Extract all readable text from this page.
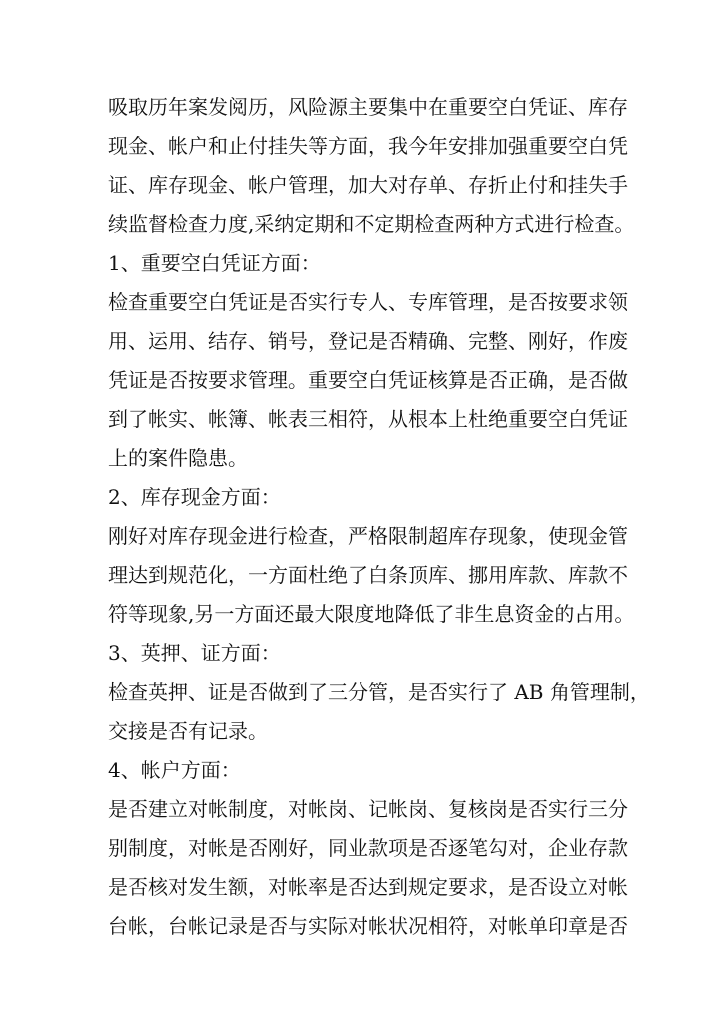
吸取历年案发阅历，风险源主要集中在重要空白凭证、库存
现金、帐户和止付挂失等方面，我今年安排加强重要空白凭
证、库存现金、帐户管理，加大对存单、存折止付和挂失手
续监督检查力度,采纳定期和不定期检查两种方式进行检查。
1、重要空白凭证方面：
检查重要空白凭证是否实行专人、专库管理，是否按要求领
用、运用、结存、销号，登记是否精确、完整、刚好，作废
凭证是否按要求管理。重要空白凭证核算是否正确，是否做
到了帐实、帐簿、帐表三相符，从根本上杜绝重要空白凭证
上的案件隐患。
2、库存现金方面：
刚好对库存现金进行检查，严格限制超库存现象，使现金管
理达到规范化，一方面杜绝了白条顶库、挪用库款、库款不
符等现象,另一方面还最大限度地降低了非生息资金的占用。
3、英押、证方面：
检查英押、证是否做到了三分管，是否实行了 AB 角管理制，
交接是否有记录。
4、帐户方面：
是否建立对帐制度，对帐岗、记帐岗、复核岗是否实行三分
别制度，对帐是否刚好，同业款项是否逐笔勾对，企业存款
是否核对发生额，对帐率是否达到规定要求，是否设立对帐
台帐，台帐记录是否与实际对帐状况相符，对帐单印章是否
